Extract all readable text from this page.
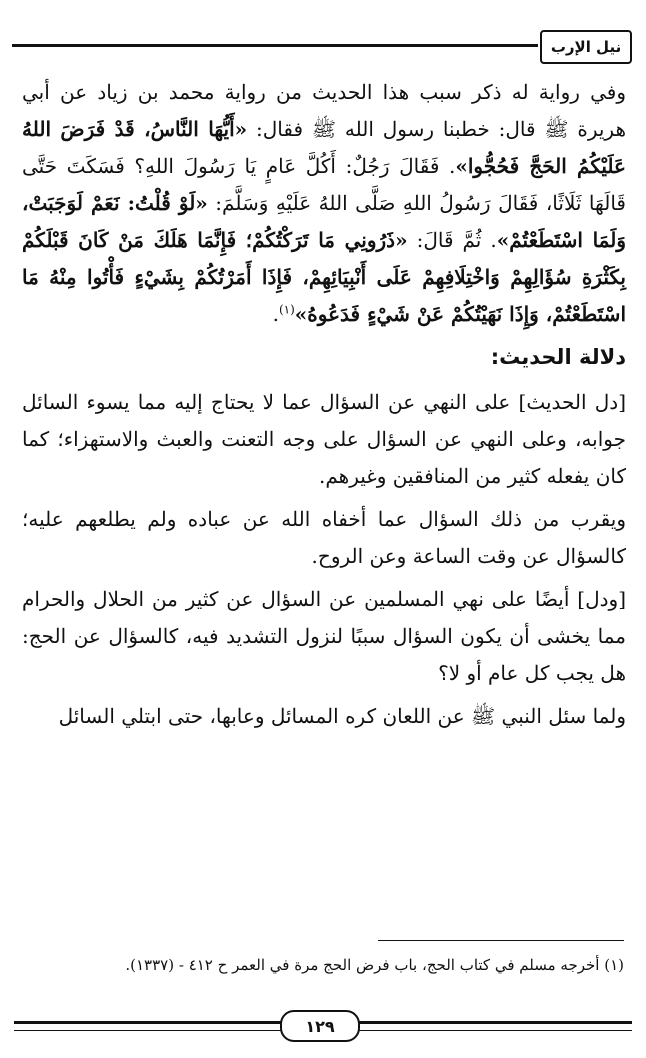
نيل الإرب

وفي رواية له ذكر سبب هذا الحديث من رواية محمد بن زياد عن أبي هريرة ﷺ قال: خطبنا رسول الله ﷺ فقال: «أَيُّهَا النَّاسُ، قَدْ فَرَضَ اللهُ عَلَيْكُمُ الحَجَّ فَحُجُّوا». فَقَالَ رَجُلٌ: أَكُلَّ عَامٍ يَا رَسُولَ اللهِ؟ فَسَكَتَ حَتَّى قَالَهَا ثَلَاثًا، فَقَالَ رَسُولُ اللهِ صَلَّى اللهُ عَلَيْهِ وَسَلَّمَ: «لَوْ قُلْتُ: نَعَمْ لَوَجَبَتْ، وَلَمَا اسْتَطَعْتُمْ». ثُمَّ قَالَ: «ذَرُونِي مَا تَرَكْتُكُمْ؛ فَإِنَّمَا هَلَكَ مَنْ كَانَ قَبْلَكُمْ بِكَثْرَةِ سُؤَالِهِمْ وَاخْتِلَافِهِمْ عَلَى أَنْبِيَائِهِمْ، فَإِذَا أَمَرْتُكُمْ بِشَيْءٍ فَأْتُوا مِنْهُ مَا اسْتَطَعْتُمْ، وَإِذَا نَهَيْتُكُمْ عَنْ شَيْءٍ فَدَعُوهُ»$^{(١)}$.

دلالة الحديث:

[دل الحديث] على النهي عن السؤال عما لا يحتاج إليه مما يسوء السائل جوابه، وعلى النهي عن السؤال على وجه التعنت والعبث والاستهزاء؛ كما كان يفعله كثير من المنافقين وغيرهم.

ويقرب من ذلك السؤال عما أخفاه الله عن عباده ولم يطلعهم عليه؛ كالسؤال عن وقت الساعة وعن الروح.

[ودل] أيضًا على نهي المسلمين عن السؤال عن كثير من الحلال والحرام مما يخشى أن يكون السؤال سببًا لنزول التشديد فيه، كالسؤال عن الحج: هل يجب كل عام أو لا؟

ولما سئل النبي ﷺ عن اللعان كره المسائل وعابها، حتى ابتلي السائل

(١) أخرجه مسلم في كتاب الحج، باب فرض الحج مرة في العمر ح ٤١٢ - (١٣٣٧).
١٢٩
